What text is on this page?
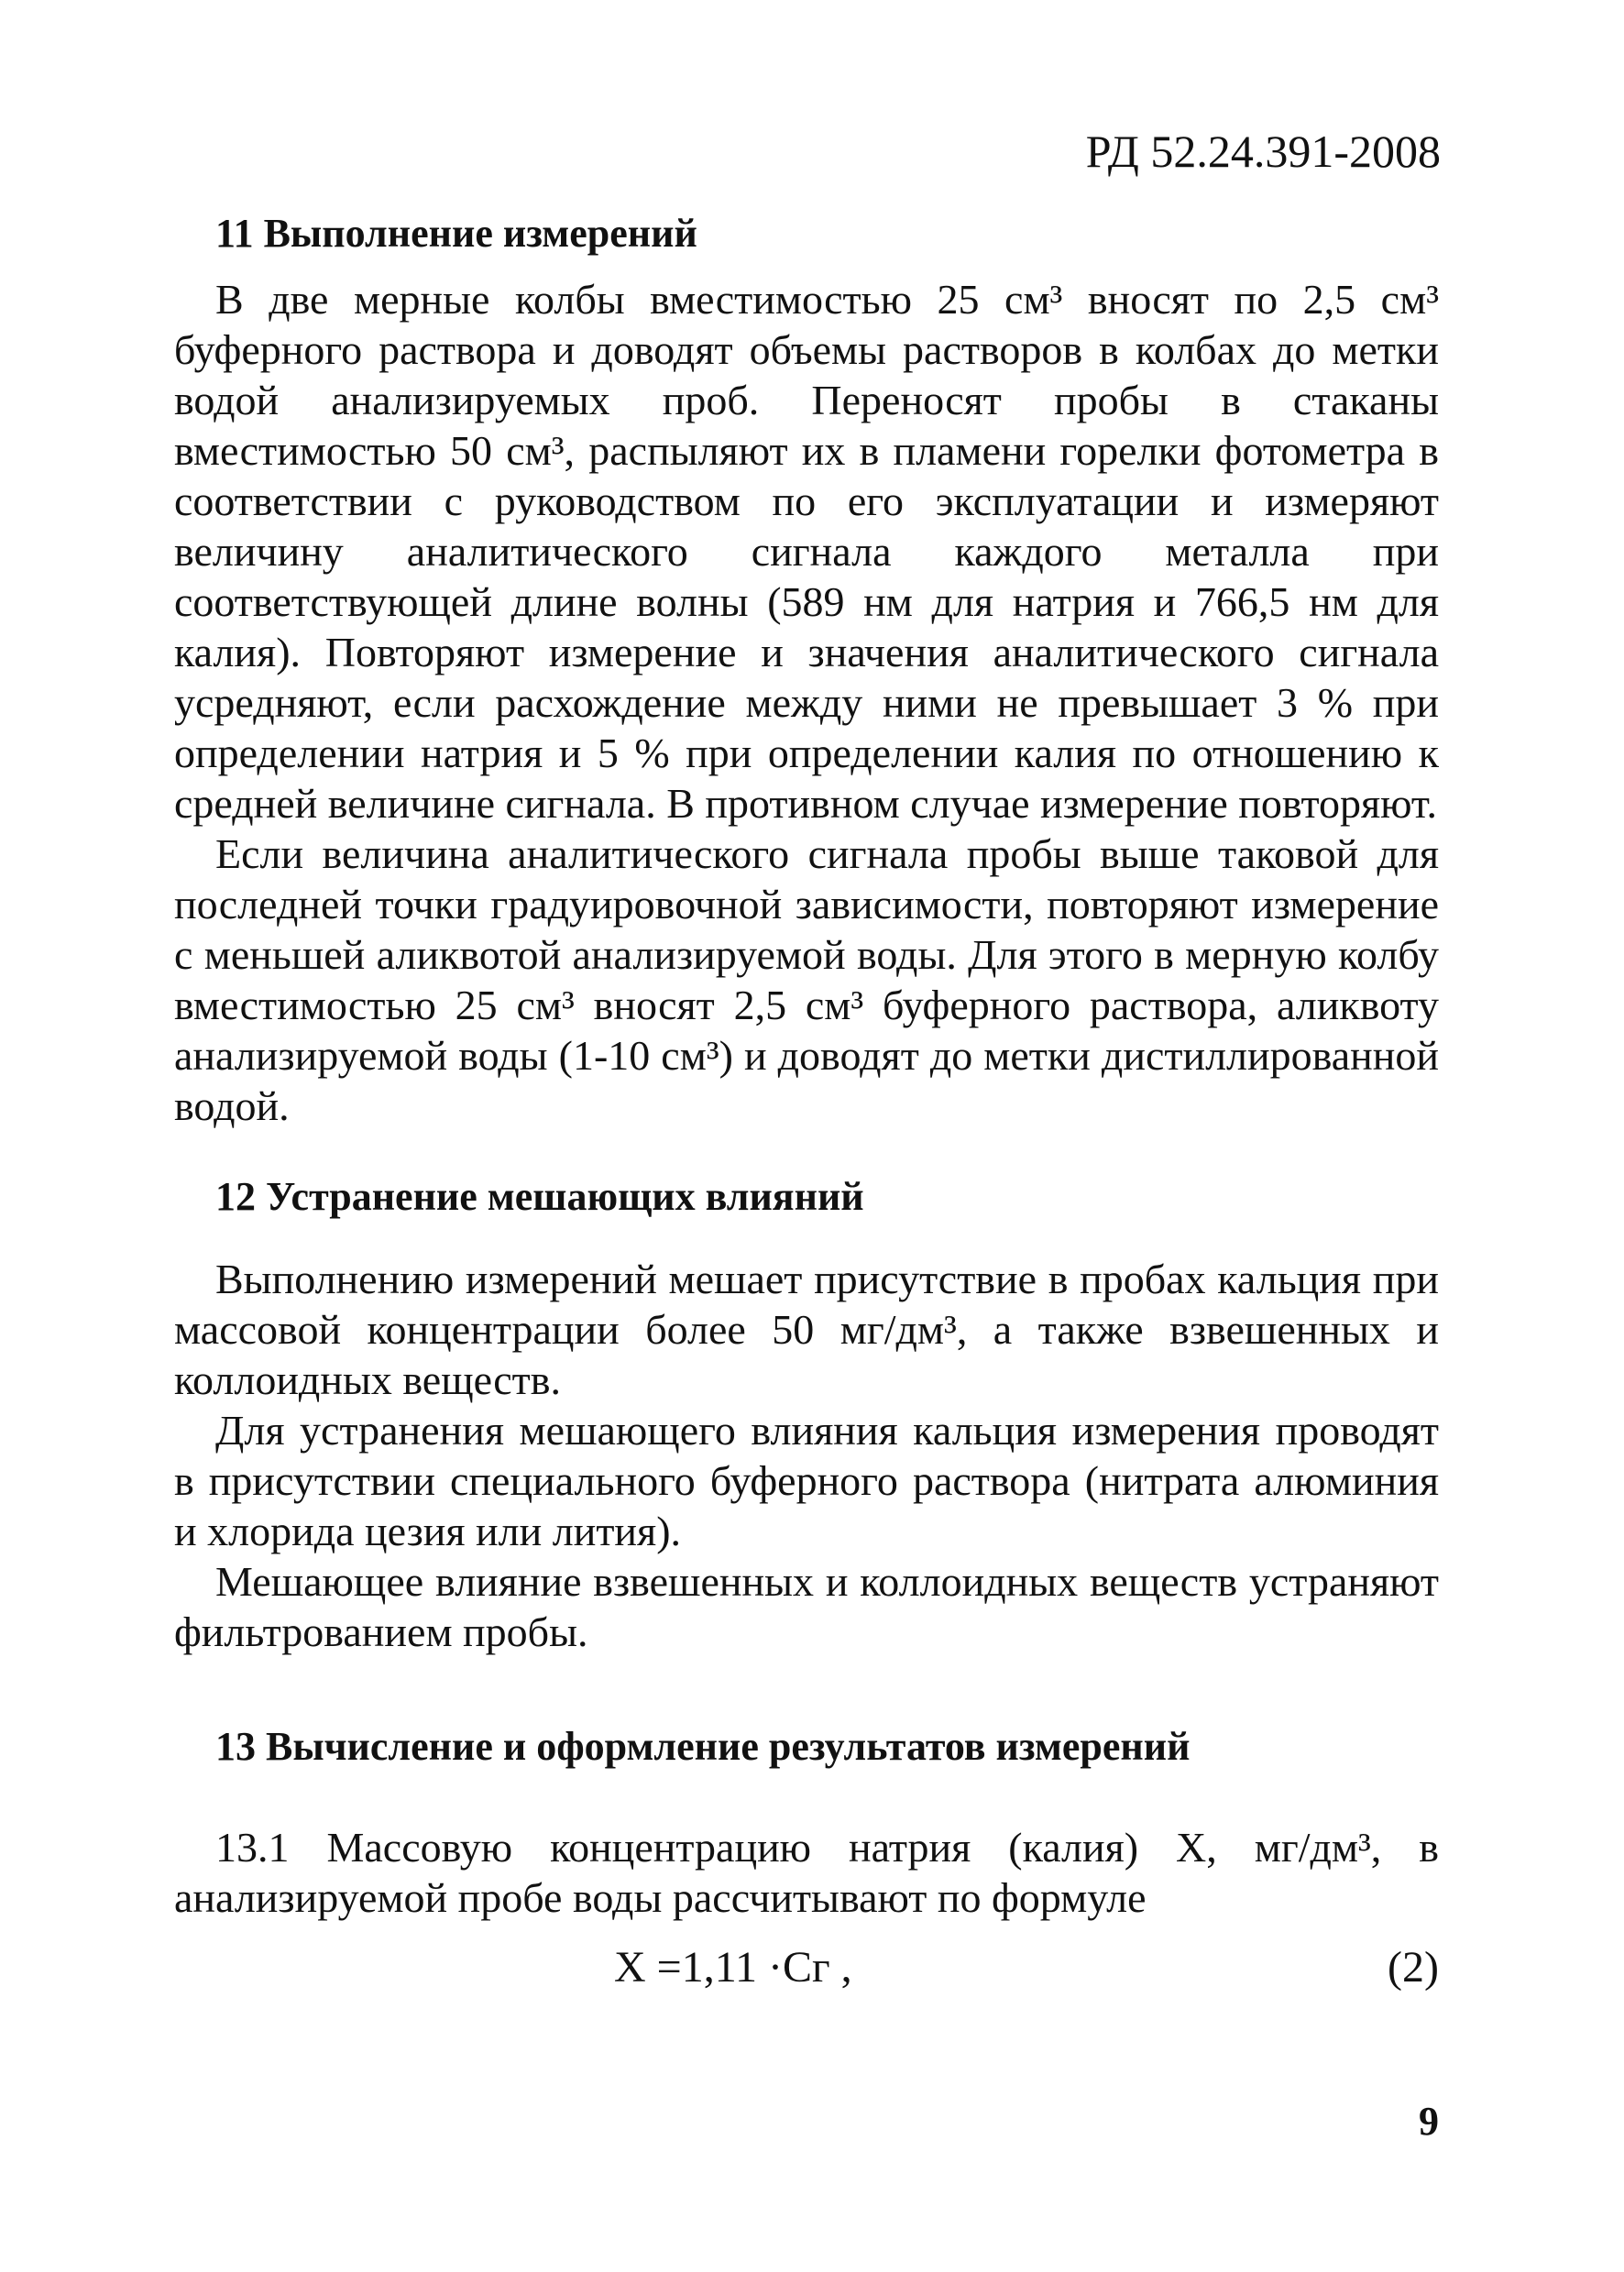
РД 52.24.391-2008
11 Выполнение измерений

В две мерные колбы вместимостью 25 см³ вносят по 2,5 см³ буферного раствора и доводят объемы растворов в колбах до метки водой анализируемых проб. Переносят пробы в стаканы вместимостью 50 см³, распыляют их в пламени горелки фотометра в соответствии с руководством по его эксплуатации и измеряют величину аналитического сигнала каждого металла при соответствующей длине волны (589 нм для натрия и 766,5 нм для калия). Повторяют измерение и значения аналитического сигнала усредняют, если расхождение между ними не превышает 3 % при определении натрия и 5 % при определении калия по отношению к средней величине сигнала. В противном случае измерение повторяют.

Если величина аналитического сигнала пробы выше таковой для последней точки градуировочной зависимости, повторяют измерение с меньшей аликвотой анализируемой воды. Для этого в мерную колбу вместимостью 25 см³ вносят 2,5 см³ буферного раствора, аликвоту анализируемой воды (1-10 см³) и доводят до метки дистиллированной водой.

12 Устранение мешающих влияний

Выполнению измерений мешает присутствие в пробах кальция при массовой концентрации более 50 мг/дм³, а также взвешенных и коллоидных веществ.

Для устранения мешающего влияния кальция измерения проводят в присутствии специального буферного раствора (нитрата алюминия и хлорида цезия или лития).

Мешающее влияние взвешенных и коллоидных веществ устраняют фильтрованием пробы.

13 Вычисление и оформление результатов измерений

13.1 Массовую концентрацию натрия (калия) X, мг/дм³, в анализируемой пробе воды рассчитывают по формуле

X =1,11 ·Cг ,	(2)
9
